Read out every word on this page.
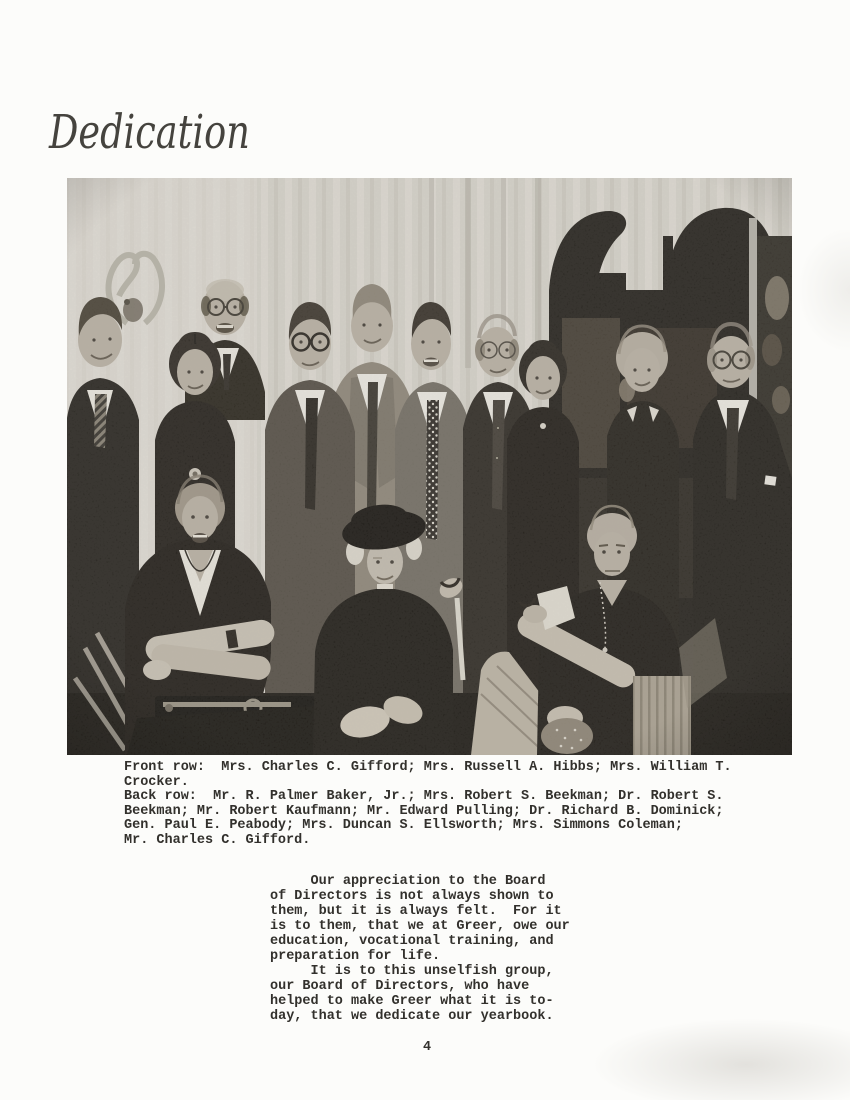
Dedication
Front row:  Mrs. Charles C. Gifford; Mrs. Russell A. Hibbs; Mrs. William T.
Crocker.
Back row:  Mr. R. Palmer Baker, Jr.; Mrs. Robert S. Beekman; Dr. Robert S.
Beekman; Mr. Robert Kaufmann; Mr. Edward Pulling; Dr. Richard B. Dominick;
Gen. Paul E. Peabody; Mrs. Duncan S. Ellsworth; Mrs. Simmons Coleman;
Mr. Charles C. Gifford.
Our appreciation to the Board
of Directors is not always shown to
them, but it is always felt.  For it
is to them, that we at Greer, owe our
education, vocational training, and
preparation for life.
It is to this unselfish group,
our Board of Directors, who have
helped to make Greer what it is to-
day, that we dedicate our yearbook.
4
